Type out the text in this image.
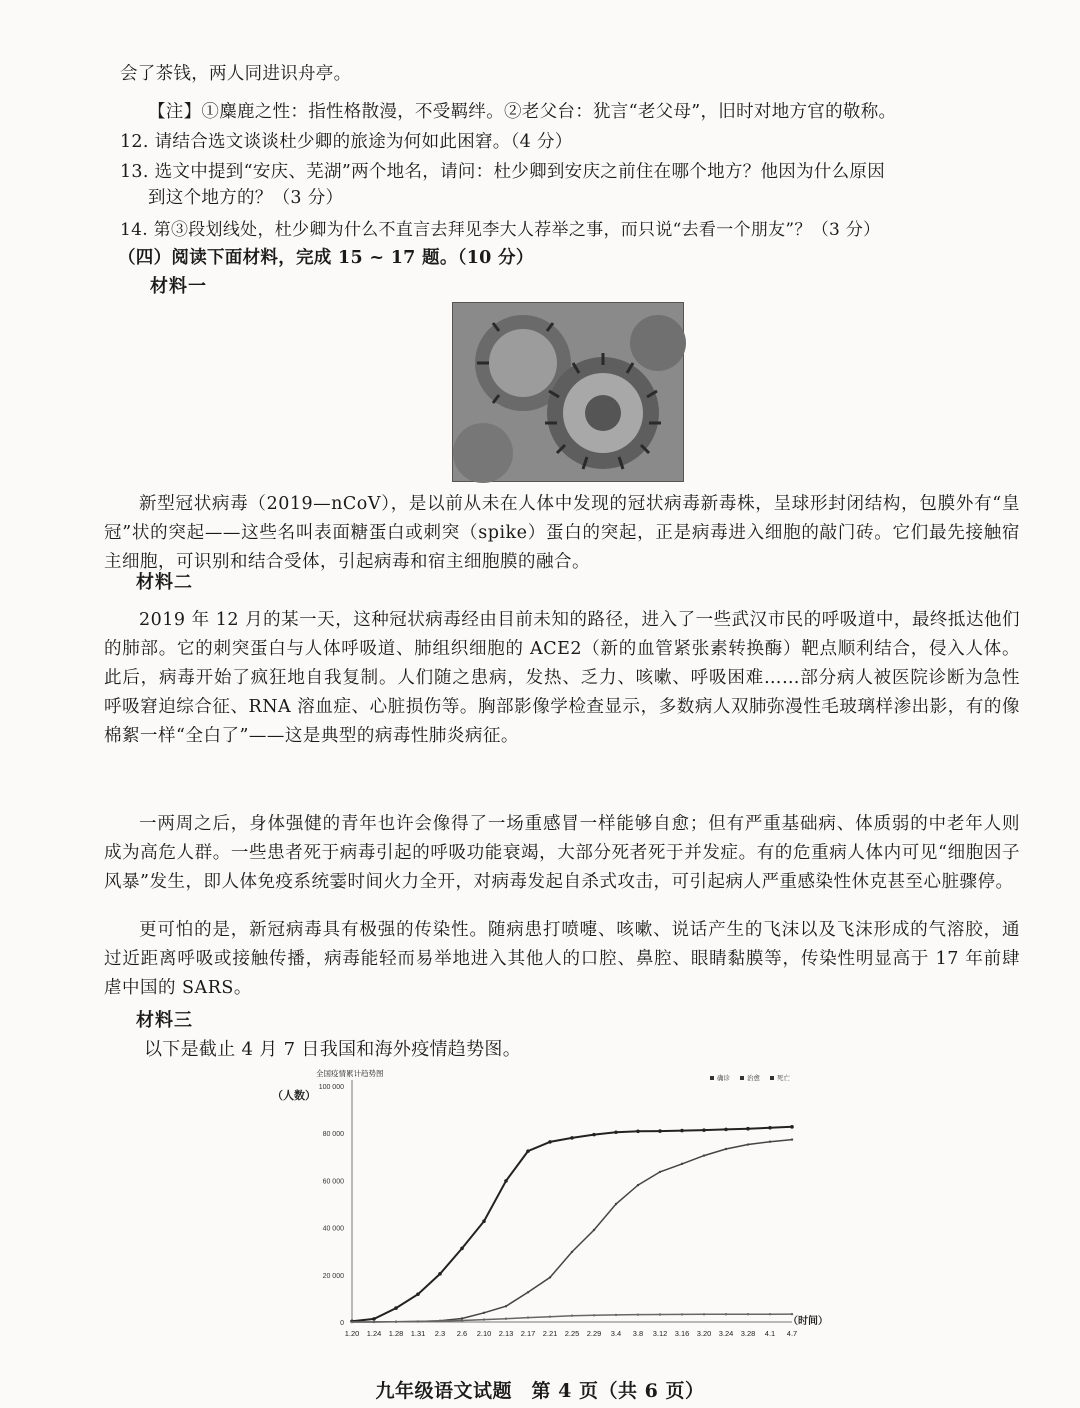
会了茶钱，两人同进识舟亭。
【注】①麋鹿之性：指性格散漫，不受羁绊。②老父台：犹言“老父母”，旧时对地方官的敬称。
12. 请结合选文谈谈杜少卿的旅途为何如此困窘。（4 分）
13. 选文中提到“安庆、芜湖”两个地名，请问：杜少卿到安庆之前住在哪个地方？他因为什么原因
到这个地方的？（3 分）
14. 第③段划线处，杜少卿为什么不直言去拜见李大人荐举之事，而只说“去看一个朋友”？（3 分）
（四）阅读下面材料，完成 15 ~ 17 题。（10 分）
材料一
新型冠状病毒（2019—nCoV），是以前从未在人体中发现的冠状病毒新毒株，呈球形封闭结构，包膜外有“皇冠”状的突起——这些名叫表面糖蛋白或刺突（spike）蛋白的突起，正是病毒进入细胞的敲门砖。它们最先接触宿主细胞，可识别和结合受体，引起病毒和宿主细胞膜的融合。
材料二
2019 年 12 月的某一天，这种冠状病毒经由目前未知的路径，进入了一些武汉市民的呼吸道中，最终抵达他们的肺部。它的刺突蛋白与人体呼吸道、肺组织细胞的 ACE2（新的血管紧张素转换酶）靶点顺利结合，侵入人体。此后，病毒开始了疯狂地自我复制。人们随之患病，发热、乏力、咳嗽、呼吸困难……部分病人被医院诊断为急性呼吸窘迫综合征、RNA 溶血症、心脏损伤等。胸部影像学检查显示，多数病人双肺弥漫性毛玻璃样渗出影，有的像棉絮一样“全白了”——这是典型的病毒性肺炎病征。
一两周之后，身体强健的青年也许会像得了一场重感冒一样能够自愈；但有严重基础病、体质弱的中老年人则成为高危人群。一些患者死于病毒引起的呼吸功能衰竭，大部分死者死于并发症。有的危重病人体内可见“细胞因子风暴”发生，即人体免疫系统霎时间火力全开，对病毒发起自杀式攻击，可引起病人严重感染性休克甚至心脏骤停。
更可怕的是，新冠病毒具有极强的传染性。随病患打喷嚏、咳嗽、说话产生的飞沫以及飞沫形成的气溶胶，通过近距离呼吸或接触传播，病毒能轻而易举地进入其他人的口腔、鼻腔、眼睛黏膜等，传染性明显高于 17 年前肆虐中国的 SARS。
材料三
以下是截止 4 月 7 日我国和海外疫情趋势图。
0
20 000
40 000
60 000
80 000
100 000
1.20 1.24 1.28 1.31 2.3 2.6 2.10 2.13 2.17 2.21 2.25 2.29 3.4 3.8 3.12 3.16 3.20 3.24 3.28 4.1 4.7
全国疫情累计趋势图
（人数）
（时间）
确诊	治愈	死亡
九年级语文试题　第 4 页（共 6 页）
